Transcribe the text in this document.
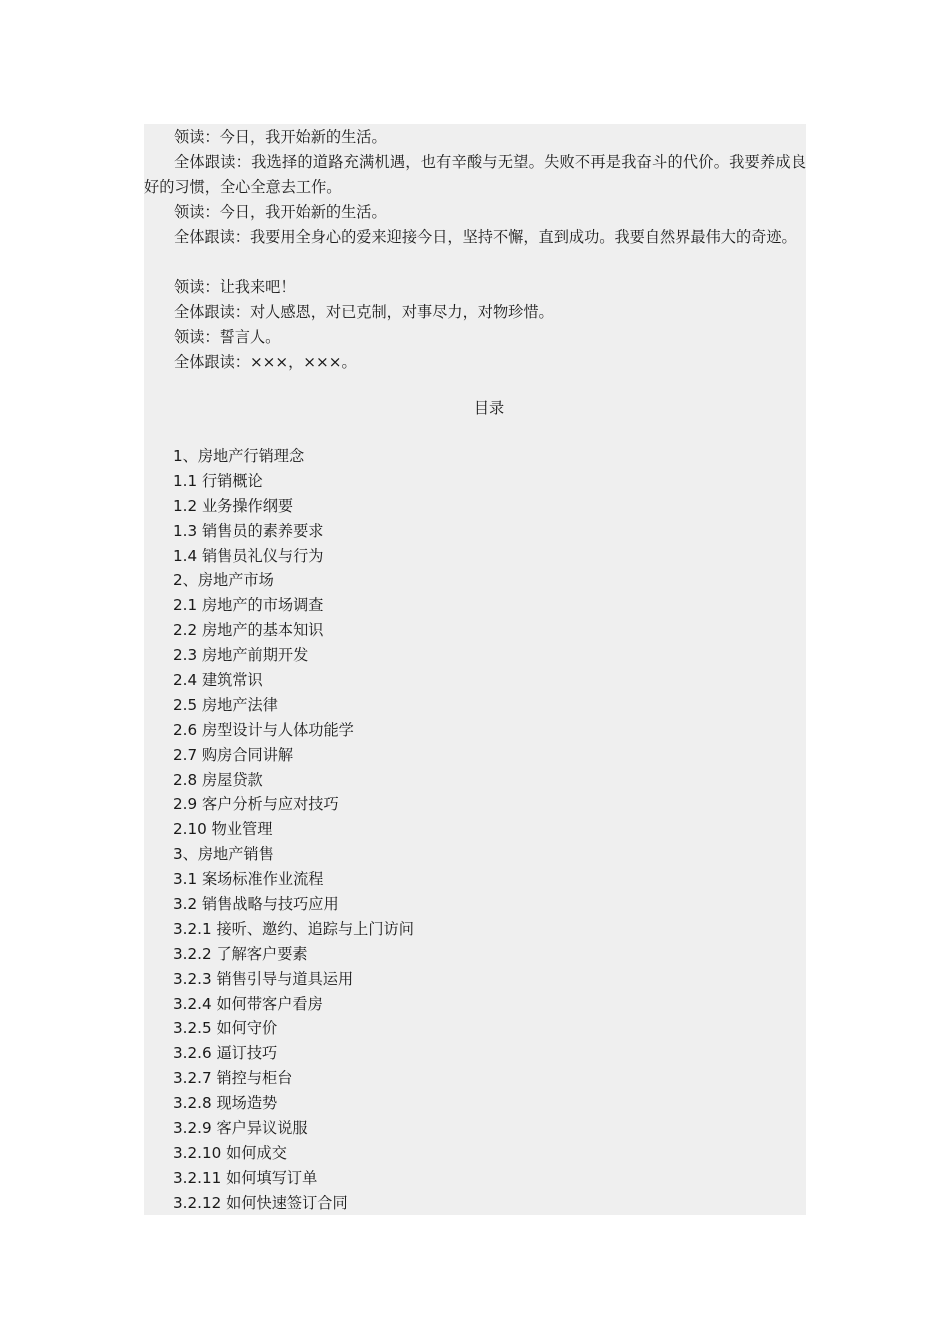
领读：今日，我开始新的生活。

全体跟读：我选择的道路充满机遇，也有辛酸与无望。失败不再是我奋斗的代价。我要养成良好的习惯，全心全意去工作。

领读：今日，我开始新的生活。

全体跟读：我要用全身心的爱来迎接今日，坚持不懈，直到成功。我要自然界最伟大的奇迹。

领读：让我来吧！

全体跟读：对人感恩，对已克制，对事尽力，对物珍惜。

领读：誓言人。

全体跟读：×××，×××。

目录

1、房地产行销理念
1.1 行销概论
1.2 业务操作纲要
1.3 销售员的素养要求
1.4 销售员礼仪与行为
2、房地产市场
2.1 房地产的市场调查
2.2 房地产的基本知识
2.3 房地产前期开发
2.4 建筑常识
2.5 房地产法律
2.6 房型设计与人体功能学
2.7 购房合同讲解
2.8 房屋贷款
2.9 客户分析与应对技巧
2.10 物业管理
3、房地产销售
3.1 案场标准作业流程
3.2 销售战略与技巧应用
3.2.1 接听、邀约、追踪与上门访问
3.2.2 了解客户要素
3.2.3 销售引导与道具运用
3.2.4 如何带客户看房
3.2.5 如何守价
3.2.6 逼订技巧
3.2.7 销控与柜台
3.2.8 现场造势
3.2.9 客户异议说服
3.2.10 如何成交
3.2.11 如何填写订单
3.2.12 如何快速签订合同
